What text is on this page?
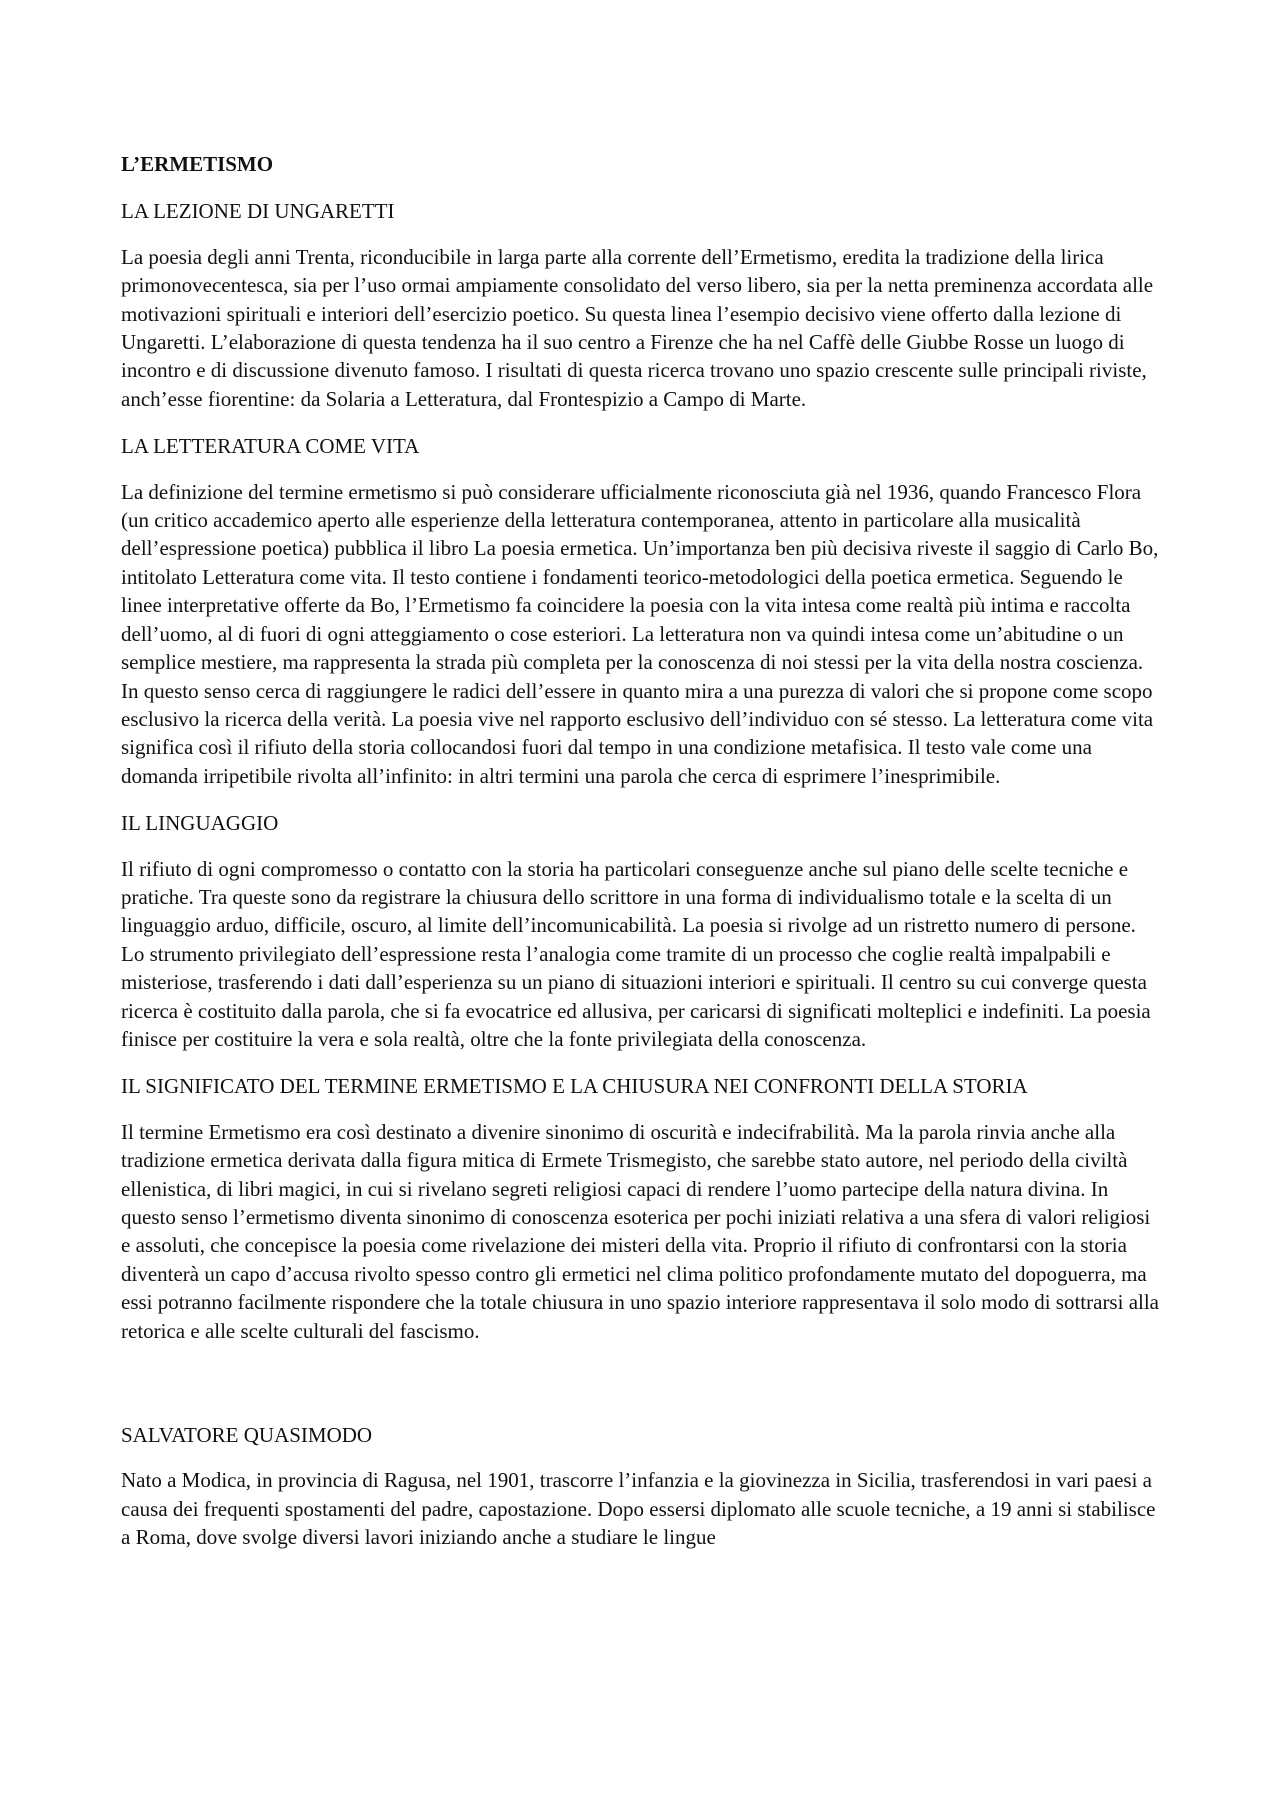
L’ERMETISMO
LA LEZIONE DI UNGARETTI
La poesia degli anni Trenta, riconducibile in larga parte alla corrente dell’Ermetismo, eredita la tradizione della lirica primonovecentesca, sia per l’uso ormai ampiamente consolidato del verso libero, sia per la netta preminenza accordata alle motivazioni spirituali e interiori dell’esercizio poetico. Su questa linea l’esempio decisivo viene offerto dalla lezione di Ungaretti. L’elaborazione di questa tendenza ha il suo centro a Firenze che ha nel Caffè delle Giubbe Rosse un luogo di incontro e di discussione divenuto famoso. I risultati di questa ricerca trovano uno spazio crescente sulle principali riviste, anch’esse fiorentine: da Solaria a Letteratura, dal Frontespizio a Campo di Marte.
LA LETTERATURA COME VITA
La definizione del termine ermetismo si può considerare ufficialmente riconosciuta già nel 1936, quando Francesco Flora (un critico accademico aperto alle esperienze della letteratura contemporanea, attento in particolare alla musicalità dell’espressione poetica) pubblica il libro La poesia ermetica. Un’importanza ben più decisiva riveste il saggio di Carlo Bo, intitolato Letteratura come vita. Il testo contiene i fondamenti teorico-metodologici della poetica ermetica. Seguendo le linee interpretative offerte da Bo, l’Ermetismo fa coincidere la poesia con la vita intesa come realtà più intima e raccolta dell’uomo, al di fuori di ogni atteggiamento o cose esteriori. La letteratura non va quindi intesa come un’abitudine o un semplice mestiere, ma rappresenta la strada più completa per la conoscenza di noi stessi per la vita della nostra coscienza. In questo senso cerca di raggiungere le radici dell’essere in quanto mira a una purezza di valori che si propone come scopo esclusivo la ricerca della verità. La poesia vive nel rapporto esclusivo dell’individuo con sé stesso. La letteratura come vita significa così il rifiuto della storia collocandosi fuori dal tempo in una condizione metafisica. Il testo vale come una domanda irripetibile rivolta all’infinito: in altri termini una parola che cerca di esprimere l’inesprimibile.
IL LINGUAGGIO
Il rifiuto di ogni compromesso o contatto con la storia ha particolari conseguenze anche sul piano delle scelte tecniche e pratiche. Tra queste sono da registrare la chiusura dello scrittore in una forma di individualismo totale e la scelta di un linguaggio arduo, difficile, oscuro, al limite dell’incomunicabilità. La poesia si rivolge ad un ristretto numero di persone. Lo strumento privilegiato dell’espressione resta l’analogia come tramite di un processo che coglie realtà impalpabili e misteriose, trasferendo i dati dall’esperienza su un piano di situazioni interiori e spirituali. Il centro su cui converge questa ricerca è costituito dalla parola, che si fa evocatrice ed allusiva, per caricarsi di significati molteplici e indefiniti. La poesia finisce per costituire la vera e sola realtà, oltre che la fonte privilegiata della conoscenza.
IL SIGNIFICATO DEL TERMINE ERMETISMO E LA CHIUSURA NEI CONFRONTI DELLA STORIA
Il termine Ermetismo era così destinato a divenire sinonimo di oscurità e indecifrabilità. Ma la parola rinvia anche alla tradizione ermetica derivata dalla figura mitica di Ermete Trismegisto, che sarebbe stato autore, nel periodo della civiltà ellenistica, di libri magici, in cui si rivelano segreti religiosi capaci di rendere l’uomo partecipe della natura divina. In questo senso l’ermetismo diventa sinonimo di conoscenza esoterica per pochi iniziati relativa a una sfera di valori religiosi e assoluti, che concepisce la poesia come rivelazione dei misteri della vita. Proprio il rifiuto di confrontarsi con la storia diventerà un capo d’accusa rivolto spesso contro gli ermetici nel clima politico profondamente mutato del dopoguerra, ma essi potranno facilmente rispondere che la totale chiusura in uno spazio interiore rappresentava il solo modo di sottrarsi alla retorica e alle scelte culturali del fascismo.
SALVATORE QUASIMODO
Nato a Modica, in provincia di Ragusa, nel 1901, trascorre l’infanzia e la giovinezza in Sicilia, trasferendosi in vari paesi a causa dei frequenti spostamenti del padre, capostazione. Dopo essersi diplomato alle scuole tecniche, a 19 anni si stabilisce a Roma, dove svolge diversi lavori iniziando anche a studiare le lingue
